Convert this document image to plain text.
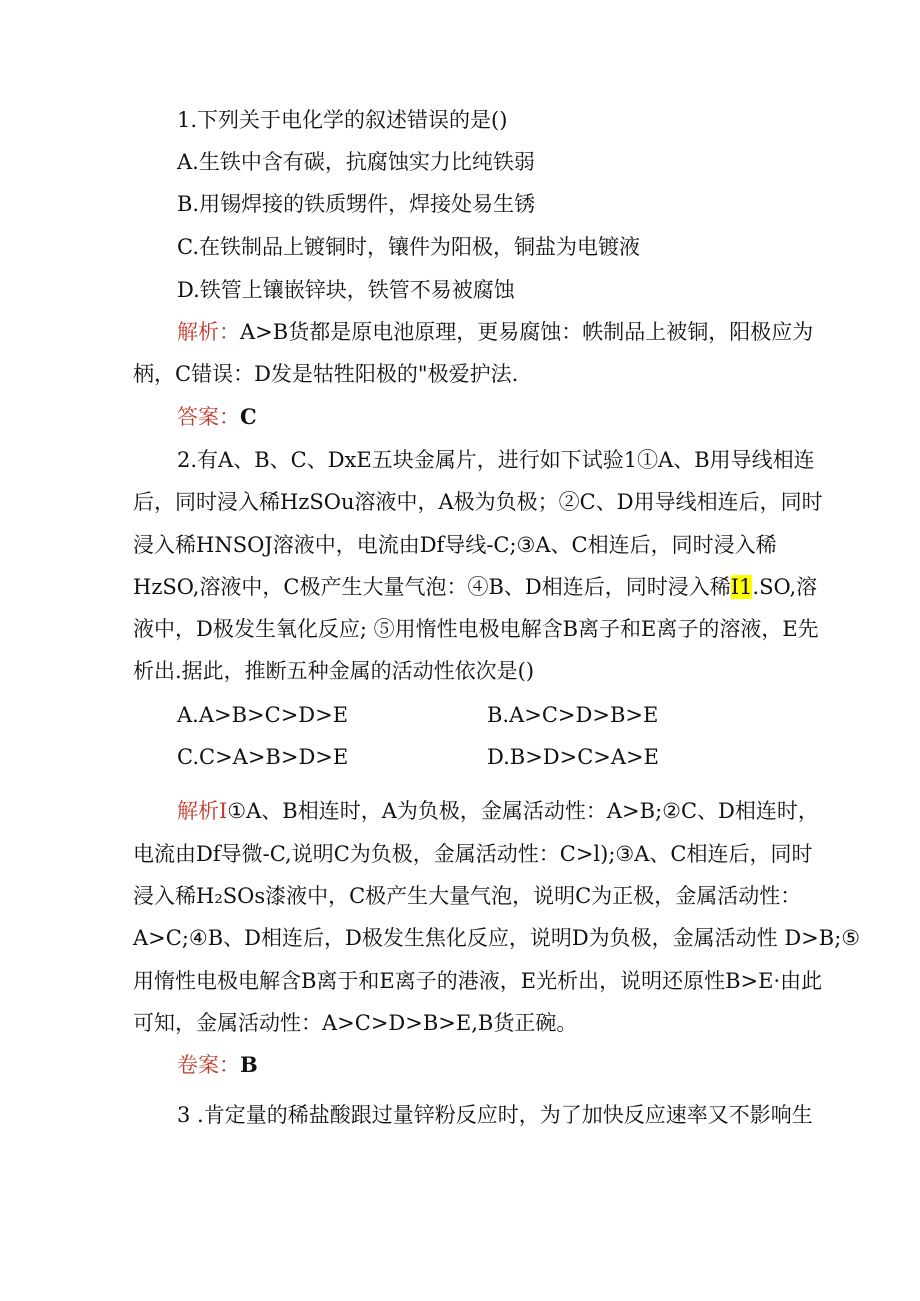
1.下列关于电化学的叙述错误的是()
A.生铁中含有碳，抗腐蚀实力比纯铁弱
B.用锡焊接的铁质甥件，焊接处易生锈
C.在铁制品上镀铜时，镶件为阳极，铜盐为电镀液
D.铁管上镶嵌锌块，铁管不易被腐蚀
解析：A>B货都是原电池原理，更易腐蚀：帙制品上被铜，阳极应为
柄，C错误：D发是牯牲阳极的"极爱护法.
答案：C
2.有A、B、C、DxE五块金属片，进行如下试验1①A、B用导线相连
后，同时浸入稀HzSOu溶液中，A极为负极；②C、D用导线相连后，同时
浸入稀HNSOJ溶液中，电流由Df导线-C;③A、C相连后，同时浸入稀
HzSO,溶液中，C极产生大量气泡：④B、D相连后，同时浸入稀I1.SO,溶
液中，D极发生氧化反应; ⑤用惰性电极电解含B离子和E离子的溶液，E先
析出.据此，推断五种金属的活动性依次是()
A.A>B>C>D>E	B.A>C>D>B>E
C.C>A>B>D>E	D.B>D>C>A>E
解析I①A、B相连时，A为负极，金属活动性：A>B;②C、D相连时，
电流由Df导微-C,说明C为负极，金属活动性：C>l);③A、C相连后，同时
浸入稀H₂SOs漆液中，C极产生大量气泡，说明C为正极，金属活动性：
A>C;④B、D相连后，D极发生焦化反应，说明D为负极，金属活动性 D>B;⑤
用惰性电极电解含B离于和E离子的港液，E光析出，说明还原性B>E·由此
可知，金属活动性：A>C>D>B>E,B货正碗。
卷案：B
3 .肯定量的稀盐酸跟过量锌粉反应时，为了加快反应速率又不影响生
